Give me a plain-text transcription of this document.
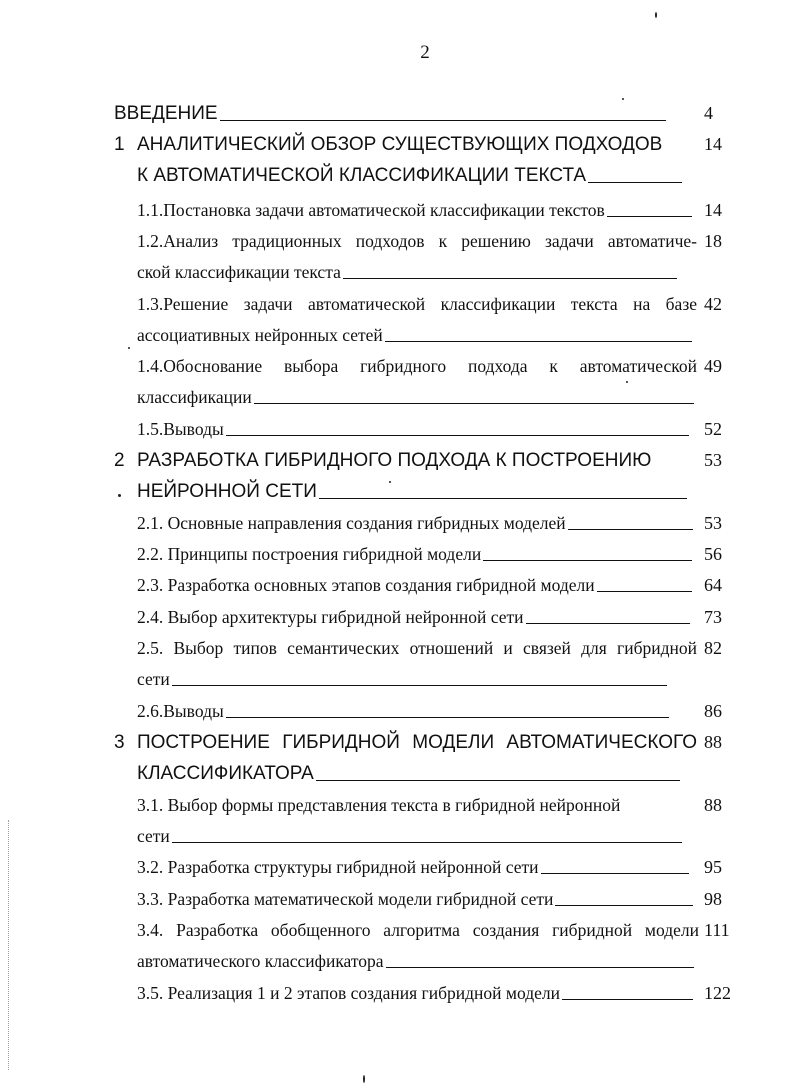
2
ВВЕДЕНИЕ	4
1 АНАЛИТИЧЕСКИЙ ОБЗОР СУЩЕСТВУЮЩИХ ПОДХОДОВ 14
К АВТОМАТИЧЕСКОЙ КЛАССИФИКАЦИИ ТЕКСТА
1.1.Постановка задачи автоматической классификации текстов	14
1.2.Анализ традиционных подходов к решению задачи автоматиче- 18
ской классификации текста
1.3.Решение задачи автоматической классификации текста на базе 42
ассоциативных нейронных сетей
1.4.Обоснование выбора гибридного подхода к автоматической 49
классификации
1.5.Выводы	52
2 РАЗРАБОТКА ГИБРИДНОГО ПОДХОДА К ПОСТРОЕНИЮ	53
НЕЙРОННОЙ СЕТИ
2.1. Основные направления создания гибридных моделей	53
2.2. Принципы построения гибридной модели	56
2.3. Разработка основных этапов создания гибридной модели	64
2.4. Выбор архитектуры гибридной нейронной сети	73
2.5. Выбор типов семантических отношений и связей для гибридной 82
сети
2.6.Выводы	86
3 ПОСТРОЕНИЕ ГИБРИДНОЙ МОДЕЛИ АВТОМАТИЧЕСКОГО 88
КЛАССИФИКАТОРА
3.1. Выбор формы представления текста в гибридной нейронной	88
сети
3.2. Разработка структуры гибридной нейронной сети	95
3.3. Разработка математической модели гибридной сети	98
3.4. Разработка обобщенного алгоритма создания гибридной модели 111
автоматического классификатора
3.5. Реализация 1 и 2 этапов создания гибридной модели	122
